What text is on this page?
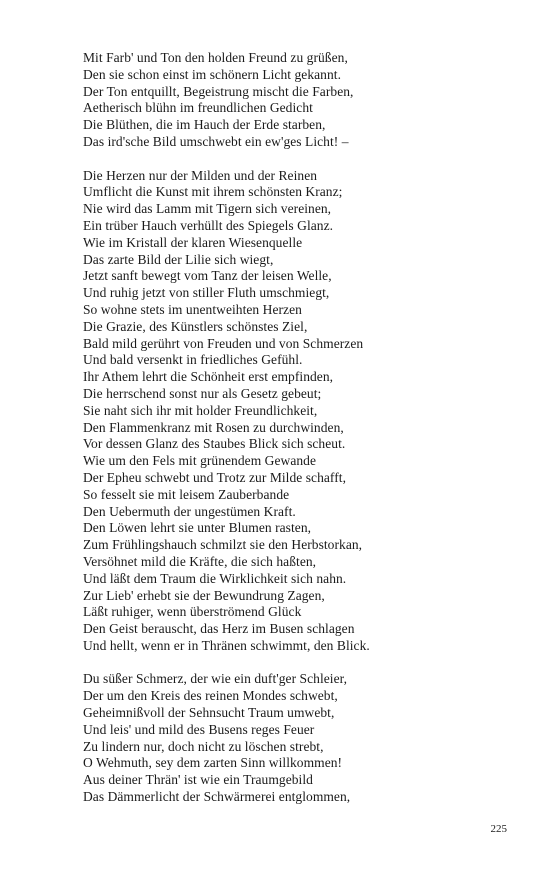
Mit Farb' und Ton den holden Freund zu grüßen,
Den sie schon einst im schönern Licht gekannt.
Der Ton entquillt, Begeistrung mischt die Farben,
Aetherisch blühn im freundlichen Gedicht
Die Blüthen, die im Hauch der Erde starben,
Das ird'sche Bild umschwebt ein ew'ges Licht! –
Die Herzen nur der Milden und der Reinen
Umflicht die Kunst mit ihrem schönsten Kranz;
Nie wird das Lamm mit Tigern sich vereinen,
Ein trüber Hauch verhüllt des Spiegels Glanz.
Wie im Kristall der klaren Wiesenquelle
Das zarte Bild der Lilie sich wiegt,
Jetzt sanft bewegt vom Tanz der leisen Welle,
Und ruhig jetzt von stiller Fluth umschmiegt,
So wohne stets im unentweihten Herzen
Die Grazie, des Künstlers schönstes Ziel,
Bald mild gerührt von Freuden und von Schmerzen
Und bald versenkt in friedliches Gefühl.
Ihr Athem lehrt die Schönheit erst empfinden,
Die herrschend sonst nur als Gesetz gebeut;
Sie naht sich ihr mit holder Freundlichkeit,
Den Flammenkranz mit Rosen zu durchwinden,
Vor dessen Glanz des Staubes Blick sich scheut.
Wie um den Fels mit grünendem Gewande
Der Epheu schwebt und Trotz zur Milde schafft,
So fesselt sie mit leisem Zauberbande
Den Uebermuth der ungestümen Kraft.
Den Löwen lehrt sie unter Blumen rasten,
Zum Frühlingshauch schmilzt sie den Herbstorkan,
Versöhnet mild die Kräfte, die sich haßten,
Und läßt dem Traum die Wirklichkeit sich nahn.
Zur Lieb' erhebt sie der Bewundrung Zagen,
Läßt ruhiger, wenn überströmend Glück
Den Geist berauscht, das Herz im Busen schlagen
Und hellt, wenn er in Thränen schwimmt, den Blick.
Du süßer Schmerz, der wie ein duft'ger Schleier,
Der um den Kreis des reinen Mondes schwebt,
Geheimnißvoll der Sehnsucht Traum umwebt,
Und leis' und mild des Busens reges Feuer
Zu lindern nur, doch nicht zu löschen strebt,
O Wehmuth, sey dem zarten Sinn willkommen!
Aus deiner Thrän' ist wie ein Traumgebild
Das Dämmerlicht der Schwärmerei entglommen,
225
